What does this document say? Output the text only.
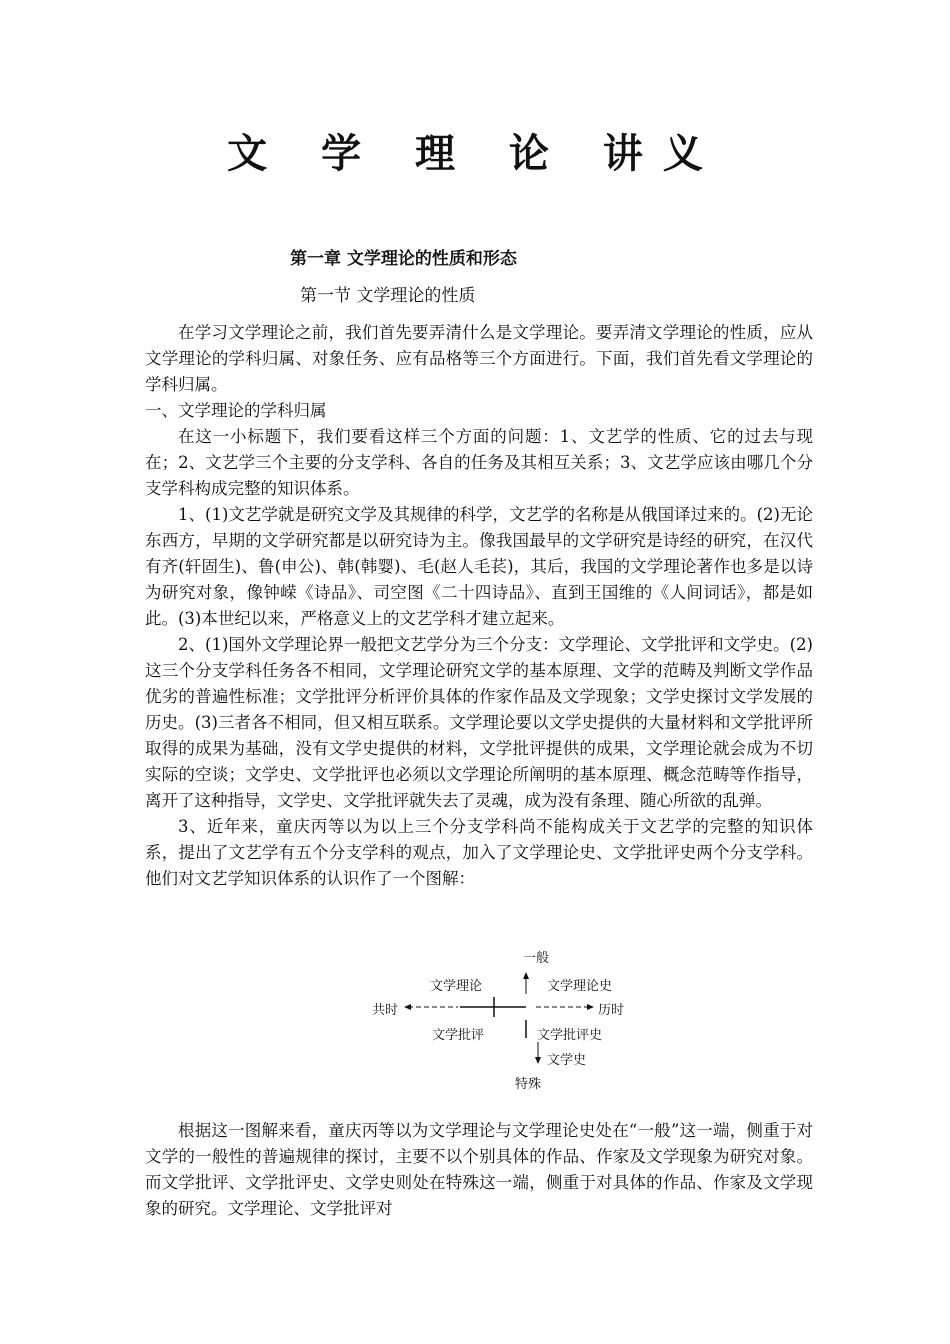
文 学 理 论 讲义
第一章 文学理论的性质和形态
第一节 文学理论的性质

在学习文学理论之前，我们首先要弄清什么是文学理论。要弄清文学理论的性质，应从文学理论的学科归属、对象任务、应有品格等三个方面进行。下面，我们首先看文学理论的学科归属。

一、文学理论的学科归属

在这一小标题下，我们要看这样三个方面的问题：1、文艺学的性质、它的过去与现在；2、文艺学三个主要的分支学科、各自的任务及其相互关系；3、文艺学应该由哪几个分支学科构成完整的知识体系。

1、(1)文艺学就是研究文学及其规律的科学，文艺学的名称是从俄国译过来的。(2)无论东西方，早期的文学研究都是以研究诗为主。像我国最早的文学研究是诗经的研究，在汉代有齐(轩固生)、鲁(申公)、韩(韩婴)、毛(赵人毛苌)，其后，我国的文学理论著作也多是以诗为研究对象，像钟嵘《诗品》、司空图《二十四诗品》、直到王国维的《人间词话》，都是如此。(3)本世纪以来，严格意义上的文艺学科才建立起来。

2、(1)国外文学理论界一般把文艺学分为三个分支：文学理论、文学批评和文学史。(2)这三个分支学科任务各不相同，文学理论研究文学的基本原理、文学的范畴及判断文学作品优劣的普遍性标准；文学批评分析评价具体的作家作品及文学现象；文学史探讨文学发展的历史。(3)三者各不相同，但又相互联系。文学理论要以文学史提供的大量材料和文学批评所取得的成果为基础，没有文学史提供的材料，文学批评提供的成果，文学理论就会成为不切实际的空谈；文学史、文学批评也必须以文学理论所阐明的基本原理、概念范畴等作指导，离开了这种指导，文学史、文学批评就失去了灵魂，成为没有条理、随心所欲的乱弹。

3、近年来，童庆丙等以为以上三个分支学科尚不能构成关于文艺学的完整的知识体系，提出了文艺学有五个分支学科的观点，加入了文学理论史、文学批评史两个分支学科。他们对文艺学知识体系的认识作了一个图解：

一般
文学理论	文学理论史
共时	历时
文学批评	文学批评史
文学史
特殊

根据这一图解来看，童庆丙等以为文学理论与文学理论史处在“一般”这一端，侧重于对文学的一般性的普遍规律的探讨，主要不以个别具体的作品、作家及文学现象为研究对象。而文学批评、文学批评史、文学史则处在特殊这一端，侧重于对具体的作品、作家及文学现象的研究。文学理论、文学批评对
